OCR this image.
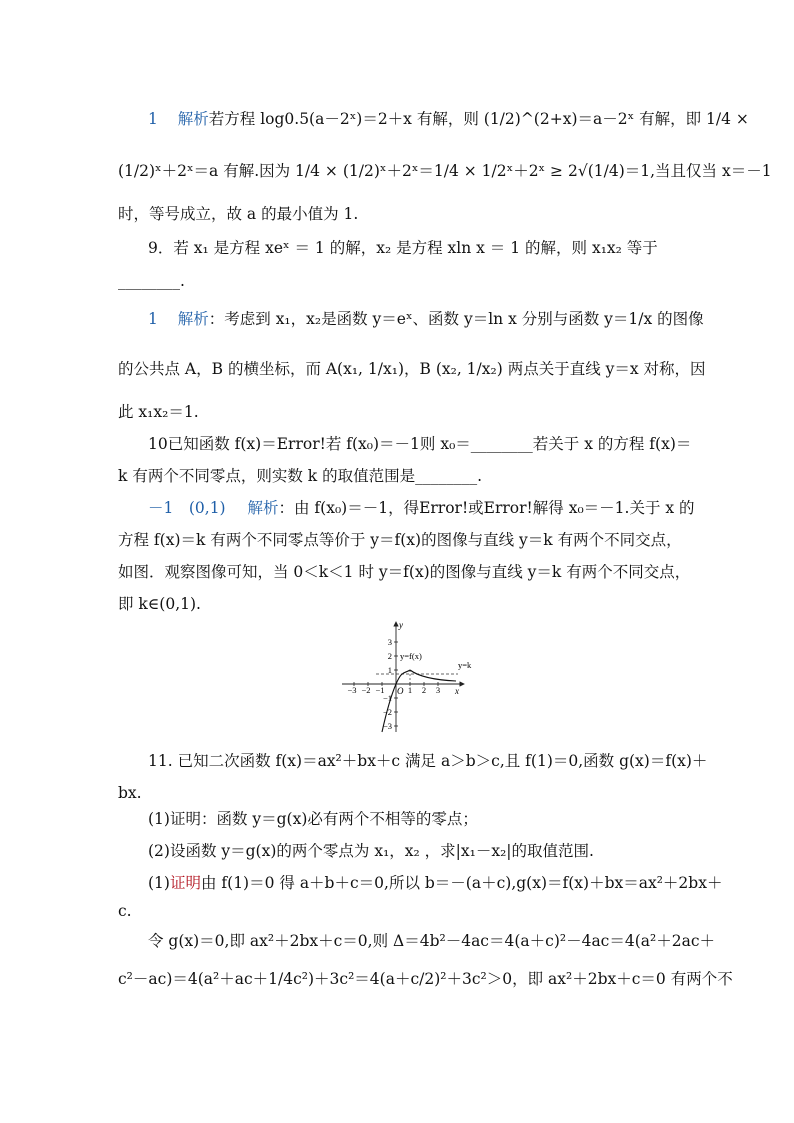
1 解析若方程 log0.5(a－2ˣ)＝2＋x 有解，则 (1/2)^(2+x)＝a－2ˣ 有解，即 1/4 ×
(1/2)ˣ＋2ˣ＝a 有解.因为 1/4 × (1/2)ˣ＋2ˣ＝1/4 × 1/2ˣ＋2ˣ ≥ 2√(1/4)＝1,当且仅当 x＝－1
时，等号成立，故 a 的最小值为 1.
9．若 x₁ 是方程 xeˣ ＝ 1 的解，x₂ 是方程 xln x ＝ 1 的解，则 x₁x₂ 等于
________.
1 解析：考虑到 x₁，x₂是函数 y＝eˣ、函数 y＝ln x 分别与函数 y＝1/x 的图像
的公共点 A，B 的横坐标，而 A(x₁, 1/x₁)，B (x₂, 1/x₂) 两点关于直线 y＝x 对称，因
此 x₁x₂＝1.
10已知函数 f(x)＝Error!若 f(x₀)＝－1则 x₀＝________若关于 x 的方程 f(x)＝
k 有两个不同零点，则实数 k 的取值范围是________.
－1　(0,1) 解析：由 f(x₀)＝－1，得Error!或Error!解得 x₀＝－1.关于 x 的
方程 f(x)＝k 有两个不同零点等价于 y＝f(x)的图像与直线 y＝k 有两个不同交点，
如图．观察图像可知，当 0＜k＜1 时 y＝f(x)的图像与直线 y＝k 有两个不同交点，
即 k∈(0,1).
y
x
O
y=f(x)
y=k
3
2
1
−1
−2
−3
−3 −2 −1	1 2 3
11. 已知二次函数 f(x)＝ax²＋bx＋c 满足 a＞b＞c,且 f(1)＝0,函数 g(x)＝f(x)＋
bx.
(1)证明：函数 y＝g(x)必有两个不相等的零点；
(2)设函数 y＝g(x)的两个零点为 x₁，x₂ ，求|x₁－x₂|的取值范围.
(1)证明由 f(1)＝0 得 a＋b＋c＝0,所以 b＝－(a＋c),g(x)＝f(x)＋bx＝ax²＋2bx＋
c.
令 g(x)＝0,即 ax²＋2bx＋c＝0,则 Δ＝4b²－4ac＝4(a＋c)²－4ac＝4(a²＋2ac＋
c²－ac)＝4(a²＋ac＋1/4c²)＋3c²＝4(a＋c/2)²＋3c²＞0，即 ax²＋2bx＋c＝0 有两个不
